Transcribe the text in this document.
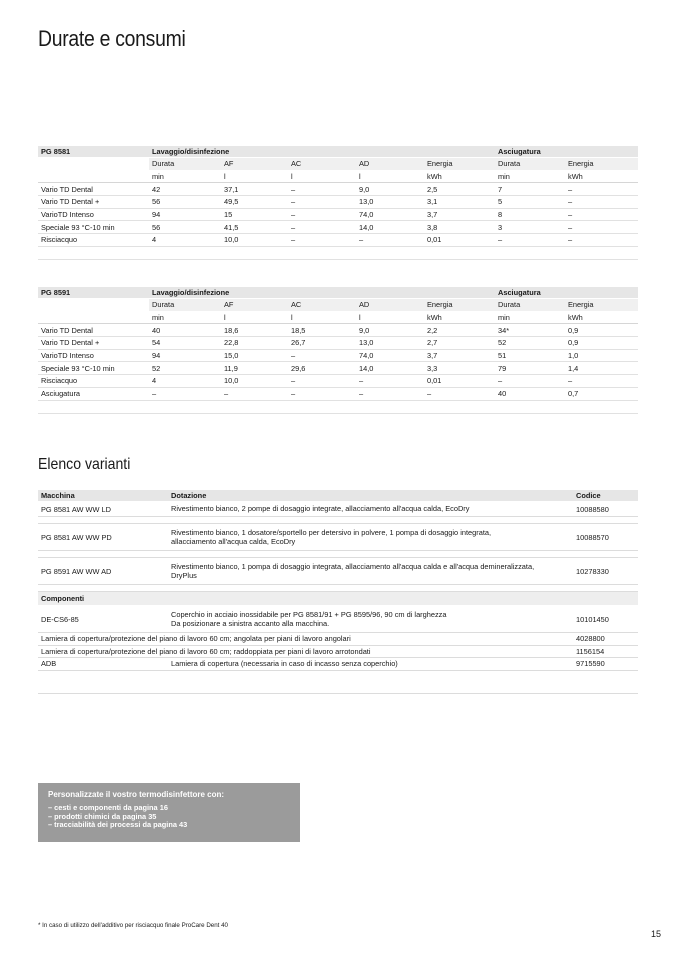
Durate e consumi
PG 8581	Lavaggio/disinfezione					Asciugatura	
	Durata	AF	AC	AD	Energia	Durata	Energia
	min	l	l	l	kWh	min	kWh
Vario TD Dental	42	37,1	–	9,0	2,5	7	–
Vario TD Dental +	56	49,5	–	13,0	3,1	5	–
VarioTD Intenso	94	15	–	74,0	3,7	8	–
Speciale 93 °C-10 min	56	41,5	–	14,0	3,8	3	–
Risciacquo	4	10,0	–	–	0,01	–	–

PG 8591	Lavaggio/disinfezione					Asciugatura	
	Durata	AF	AC	AD	Energia	Durata	Energia
	min	l	l	l	kWh	min	kWh
Vario TD Dental	40	18,6	18,5	9,0	2,2	34*	0,9
Vario TD Dental +	54	22,8	26,7	13,0	2,7	52	0,9
VarioTD Intenso	94	15,0	–	74,0	3,7	51	1,0
Speciale 93 °C-10 min	52	11,9	29,6	14,0	3,3	79	1,4
Risciacquo	4	10,0	–	–	0,01	–	–
Asciugatura	–	–	–	–	–	40	0,7

Elenco varianti
Macchina	Dotazione	Codice
PG 8581 AW WW LD	Rivestimento bianco, 2 pompe di dosaggio integrate, allacciamento all'acqua calda, EcoDry	10088580

PG 8581 AW WW PD	Rivestimento bianco, 1 dosatore/sportello per detersivo in polvere, 1 pompa di dosaggio integrata,
allacciamento all'acqua calda, EcoDry	10088570

PG 8591 AW WW AD	Rivestimento bianco, 1 pompa di dosaggio integrata, allacciamento all'acqua calda e all'acqua demineralizzata,
DryPlus	10278330

Componenti		
DE-CS6-85	Coperchio in acciaio inossidabile per PG 8581/91 + PG 8595/96, 90 cm di larghezza
Da posizionare a sinistra accanto alla macchina.	10101450
Lamiera di copertura/protezione del piano di lavoro 60 cm; angolata per piani di lavoro angolari		4028800
Lamiera di copertura/protezione del piano di lavoro 60 cm; raddoppiata per piani di lavoro arrotondati		1156154
ADB	Lamiera di copertura (necessaria in caso di incasso senza coperchio)	9715590

Personalizzate il vostro termodisinfettore con:
– cesti e componenti da pagina 16
– prodotti chimici da pagina 35
– tracciabilità dei processi da pagina 43
* In caso di utilizzo dell'additivo per risciacquo finale ProCare Dent 40
15
